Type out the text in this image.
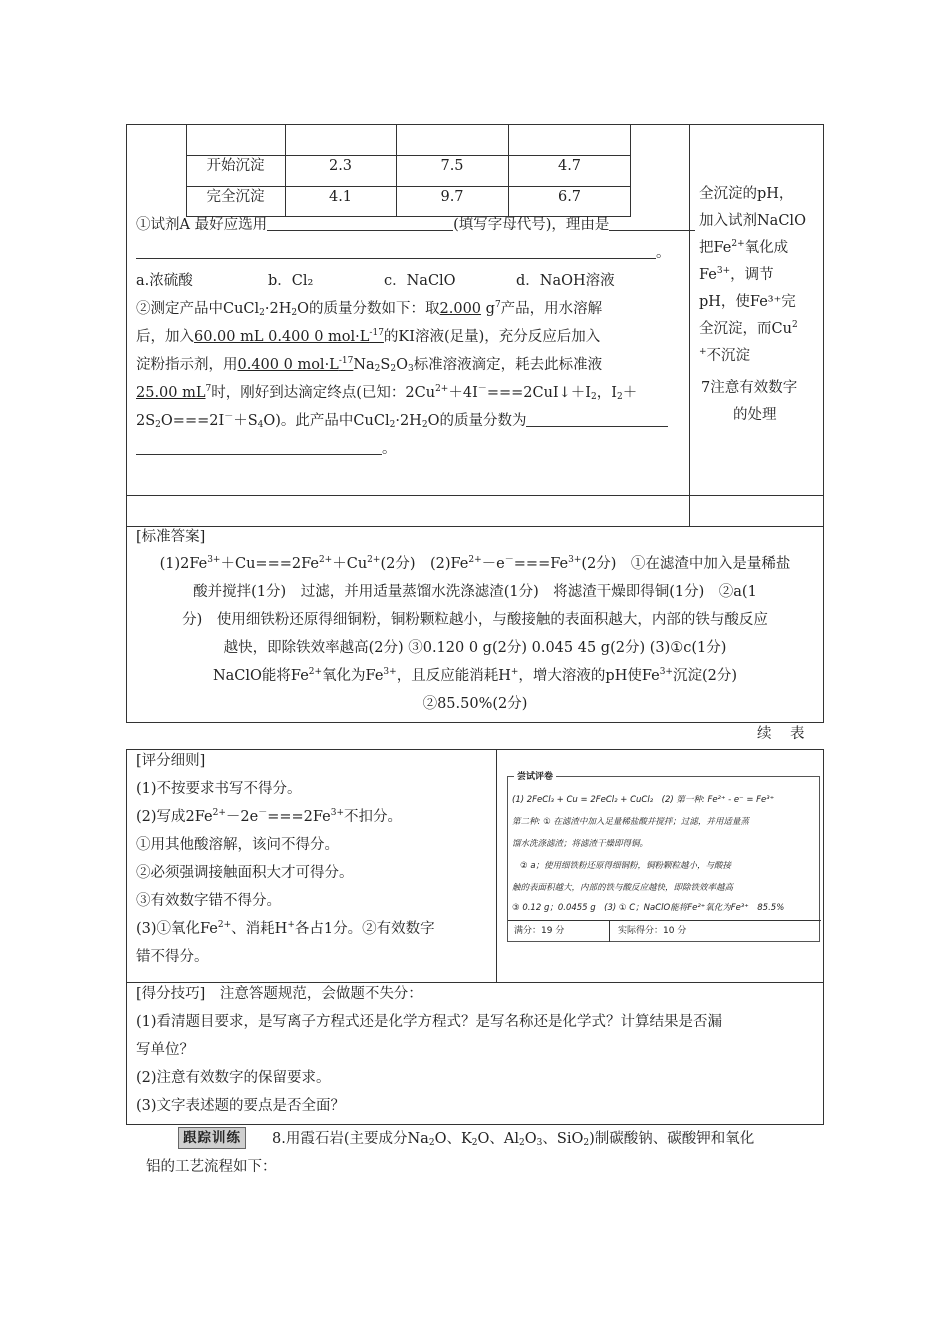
开始沉淀	2.3	7.5	4.7
完全沉淀	4.1	9.7	6.7
①试剂A 最好应选用	(填写字母代号)，理由是
。
a.浓硫酸	b．Cl₂	c．NaClO	d．NaOH溶液
②测定产品中$CuCl_2\cdot 2H_2O$的质量分数如下：取2.000 $g^7$产品，用水溶解
后，加入60.00 mL 0.400 0 $mol\cdot L^{-17}$的KI溶液(足量)，充分反应后加入
淀粉指示剂，用0.400 0 $mol\cdot L^{-17}Na_2S_2O_3$标准溶液滴定，耗去此标准液
25.00 $mL^7$时，刚好到达滴定终点(已知：$2Cu^{2+}+4I^-===2CuI↓+I_2$，$I_2+$
$2S_2O===2I^-+S_4O$)。此产品中$CuCl_2\cdot 2H_2O$的质量分数为
。
全沉淀的pH，
加入试剂NaClO
把$Fe^{2+}$氧化成
$Fe^{3+}$，调节
pH，使Fe³⁺完
全沉淀，而Cu$^2$
+不沉淀
7注意有效数字
的处理
[标准答案]
$(1)2Fe^{3+}+Cu===2Fe^{2+}+Cu^{2+}(2$分)　$(2)Fe^{2+}-e^-===Fe^{3+}(2$分)　①在滤渣中加入是量稀盐
酸并搅拌(1分)　过滤，并用适量蒸馏水洗涤滤渣(1分)　将滤渣干燥即得铜(1分)　②a(1
分)　使用细铁粉还原得细铜粉，铜粉颗粒越小，与酸接触的表面积越大，内部的铁与酸反应
越快，即除铁效率越高(2分) ③0.120 0 g(2分) 0.045 45 g(2分) (3)①c(1分)
NaClO能将$Fe^{2+}$氧化为$Fe^{3+}$，且反应能消耗H+，增大溶液的pH使$Fe^{3+}$沉淀(2分)
②85.50%(2分)
续　表
[评分细则]
(1)不按要求书写不得分。
(2)写成$2Fe^{2+}-2e^-===2Fe^{3+}$不扣分。
①用其他酸溶解，该问不得分。
②必须强调接触面积大才可得分。
③有效数字错不得分。
(3)①氧化$Fe^{2+}$、消耗H+各占1分。②有效数字
错不得分。
尝试评卷
满分：19 分	实际得分：10 分
(1) 2FeCl₃ + Cu = 2FeCl₂ + CuCl₂　(2) 第一种: Fe²⁺ - e⁻ = Fe³⁺
第二种: ① 在滤渣中加入足量稀盐酸并搅拌；过滤，并用适量蒸
馏水洗涤滤渣；将滤渣干燥即得铜。
② a；使用细铁粉还原得细铜粉，铜粉颗粒越小，与酸接
触的表面积越大，内部的铁与酸反应越快，即除铁效率越高
③ 0.12 g；0.0455 g　(3) ① C；NaClO能将Fe²⁺氧化为Fe³⁺　85.5%
[得分技巧]　注意答题规范，会做题不失分：
(1)看清题目要求，是写离子方程式还是化学方程式？是写名称还是化学式？计算结果是否漏
写单位？
(2)注意有效数字的保留要求。
(3)文字表述题的要点是否全面？
跟踪训练	8.用霞石岩(主要成分$Na_2O$、$K_2O$、$Al_2O_3$、SiO$_2$)制碳酸钠、碳酸钾和氧化
铝的工艺流程如下：
